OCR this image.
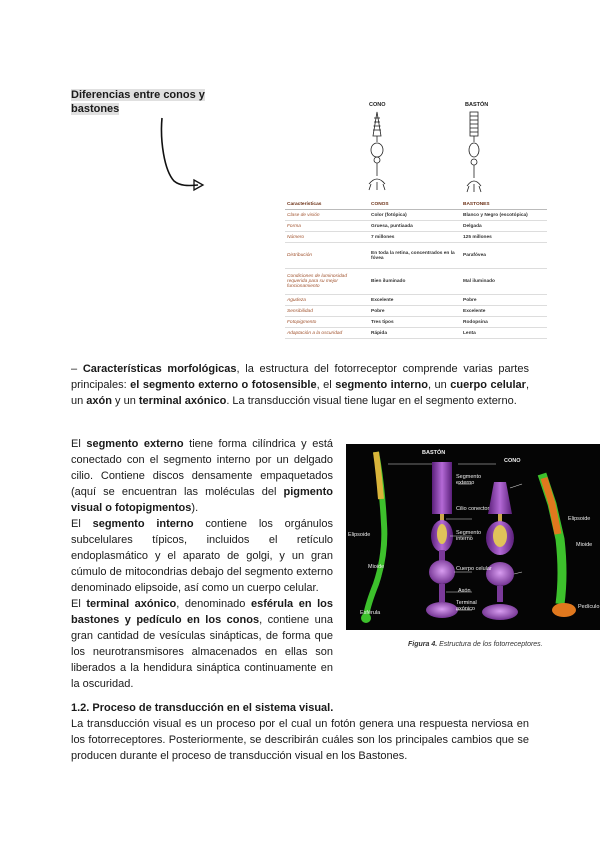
Diferencias entre conos y bastones	CONO	BASTÓN
Características	CONOS	BASTONES
Clase de visión	Color (fotópica)	Blanco y Negro (escotópica)
Forma	Gruesa, puntiaada	Delgada
Número	7 millones	125 millones
Distribución	En toda la retina, concentrados en la fóvea	Parafóvea
Condiciones de luminosidad requerida para su mejor funcionamiento	Bien iluminado	Mal iluminado
Agudeza	Excelente	Pobre
Sensibilidad	Pobre	Excelente
Fotopigmento	Tres tipos	Rodopsina
Adaptación a la oscuridad	Rápida	Lenta

– Características morfológicas, la estructura del fotorreceptor comprende varias partes principales: el segmento externo o fotosensible, el segmento interno, un cuerpo celular, un axón y un terminal axónico. La transducción visual tiene lugar en el segmento externo.

El segmento externo tiene forma cilíndrica y está conectado con el segmento interno por un delgado cilio. Contiene discos densamente empaquetados (aquí se encuentran las moléculas del pigmento visual o fotopigmentos).

El segmento interno contiene los orgánulos subcelulares típicos, incluidos el retículo endoplasmático y el aparato de golgi, y un gran cúmulo de mitocondrias debajo del segmento externo denominado elipsoide, así como un cuerpo celular.

El terminal axónico, denominado esférula en los bastones y pedículo en los conos, contiene una gran cantidad de vesículas sinápticas, de forma que los neurotransmisores almacenados en ellas son liberados a la hendidura sináptica continuamente en la oscuridad.

BASTÓN
CONO
Segmento externo
Cilio conector
Segmento interno
Cuerpo celular
Axón
Terminal axónico
Elipsoide
Mioide
Esférula
Elipsoide
Mioide
Pedículo
Figura 4. Estructura de los fotorreceptores.
1.2. Proceso de transducción en el sistema visual.

La transducción visual es un proceso por el cual un fotón genera una respuesta nerviosa en los fotorreceptores. Posteriormente, se describirán cuáles son los principales cambios que se producen durante el proceso de transducción visual en los Bastones.
